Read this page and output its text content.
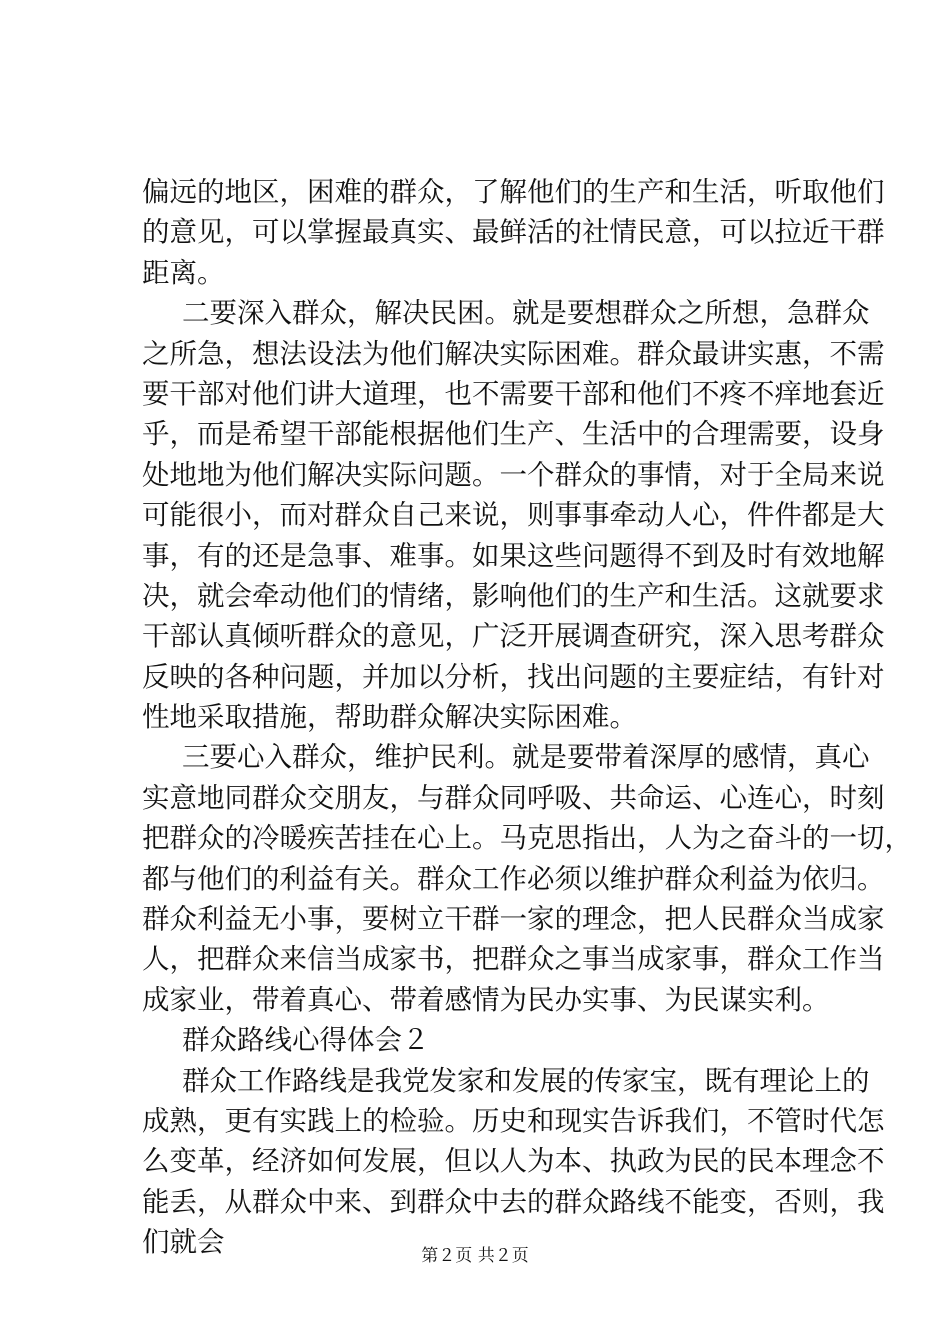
偏远的地区，困难的群众，了解他们的生产和生活，听取他们
的意见，可以掌握最真实、最鲜活的社情民意，可以拉近干群
距离。
二要深入群众，解决民困。就是要想群众之所想，急群众
之所急，想法设法为他们解决实际困难。群众最讲实惠，不需
要干部对他们讲大道理，也不需要干部和他们不疼不痒地套近
乎，而是希望干部能根据他们生产、生活中的合理需要，设身
处地地为他们解决实际问题。一个群众的事情，对于全局来说
可能很小，而对群众自己来说，则事事牵动人心，件件都是大
事，有的还是急事、难事。如果这些问题得不到及时有效地解
决，就会牵动他们的情绪，影响他们的生产和生活。这就要求
干部认真倾听群众的意见，广泛开展调查研究，深入思考群众
反映的各种问题，并加以分析，找出问题的主要症结，有针对
性地采取措施，帮助群众解决实际困难。
三要心入群众，维护民利。就是要带着深厚的感情，真心
实意地同群众交朋友，与群众同呼吸、共命运、心连心，时刻
把群众的冷暖疾苦挂在心上。马克思指出，人为之奋斗的一切，
都与他们的利益有关。群众工作必须以维护群众利益为依归。
群众利益无小事，要树立干群一家的理念，把人民群众当成家
人，把群众来信当成家书，把群众之事当成家事，群众工作当
成家业，带着真心、带着感情为民办实事、为民谋实利。
群众路线心得体会２
群众工作路线是我党发家和发展的传家宝，既有理论上的
成熟，更有实践上的检验。历史和现实告诉我们，不管时代怎
么变革，经济如何发展，但以人为本、执政为民的民本理念不
能丢，从群众中来、到群众中去的群众路线不能变，否则，我
们就会	第２页 共２页
